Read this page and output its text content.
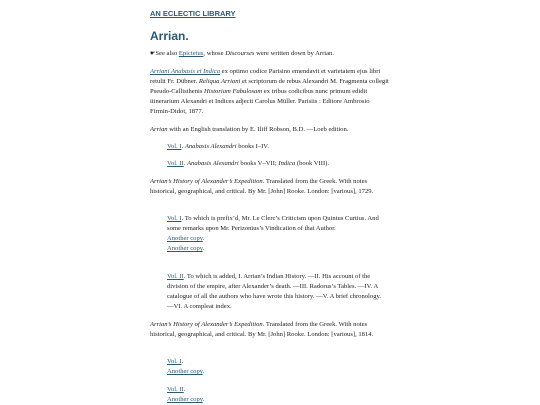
AN ECLECTIC LIBRARY
Arrian.

☛See also Epictetus, whose Discourses were written down by Arrian.

Arriani Anabasis et Indica ex optimo codice Parisino emendavit et varietatem ejus libri retulit Fr. Dübner. Reliqua Arriani et scriptorum de rebus Alexandri M. Fragmenta collegit Pseudo-Callisthenis Historiam Fabulosam ex tribus codicibus nunc primum edidit itinerarium Alexandri et Indices adjecit Carolus Müller. Parisiis : Editore Ambrosio Firmin-Didot, 1877.

Arrian with an English translation by E. Iliff Robson, B.D. —Loeb edition.

Vol. I. Anabasis Alexandri books I–IV.

Vol. II. Anabasis Alexandri books V–VII; Indica (book VIII).

Arrian’s History of Alexander’s Expedition. Translated from the Greek. With notes historical, geographical, and critical. By Mr. [John] Rooke. London: [various], 1729.

Vol. I. To which is prefix’d, Mr. Le Clerc’s Criticism upon Quintus Curtius. And some remarks upon Mr. Perizonius’s Vindication of that Author.
Another copy.
Another copy.

Vol. II. To which is added, I. Arrian’s Indian History. —II. His account of the division of the empire, after Alexander’s death. —III. Radorus’s Tables. —IV. A catalogue of all the authors who have wrote this history. —V. A brief chronology. —VI. A compleat index.

Arrian’s History of Alexander’s Expedition. Translated from the Greek. With notes historical, geographical, and critical. By Mr. [John] Rooke. London: [various], 1814.

Vol. I.
Another copy.
Vol. II.
Another copy.
